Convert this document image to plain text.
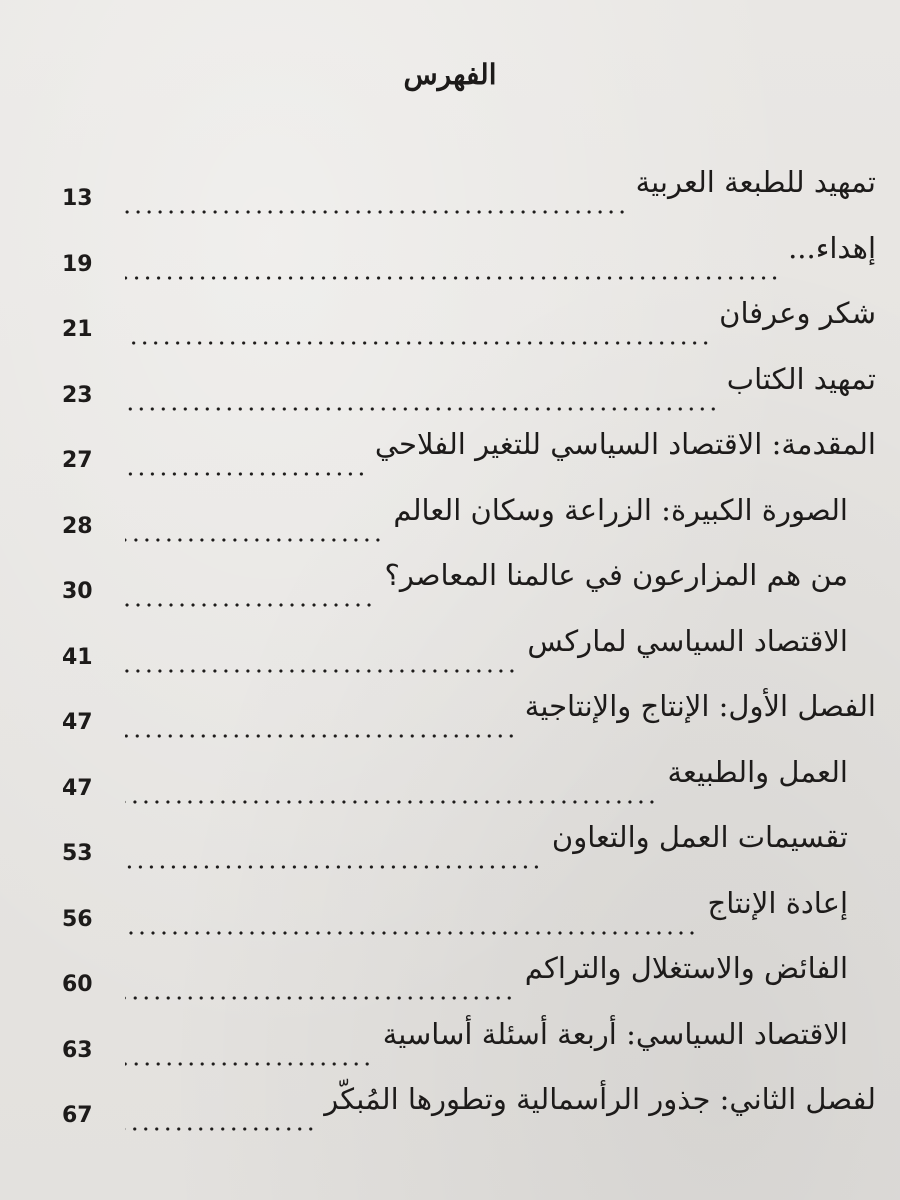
الفهرس
تمهيد للطبعة العربية
13
إهداء...
19
شكر وعرفان
21
تمهيد الكتاب
23
المقدمة: الاقتصاد السياسي للتغير الفلاحي
27
الصورة الكبيرة: الزراعة وسكان العالم
28
من هم المزارعون في عالمنا المعاصر؟
30
الاقتصاد السياسي لماركس
41
الفصل الأول: الإنتاج والإنتاجية
47
العمل والطبيعة
47
تقسيمات العمل والتعاون
53
إعادة الإنتاج
56
الفائض والاستغلال والتراكم
60
الاقتصاد السياسي: أربعة أسئلة أساسية
63
لفصل الثاني: جذور الرأسمالية وتطورها المُبكّر
67
